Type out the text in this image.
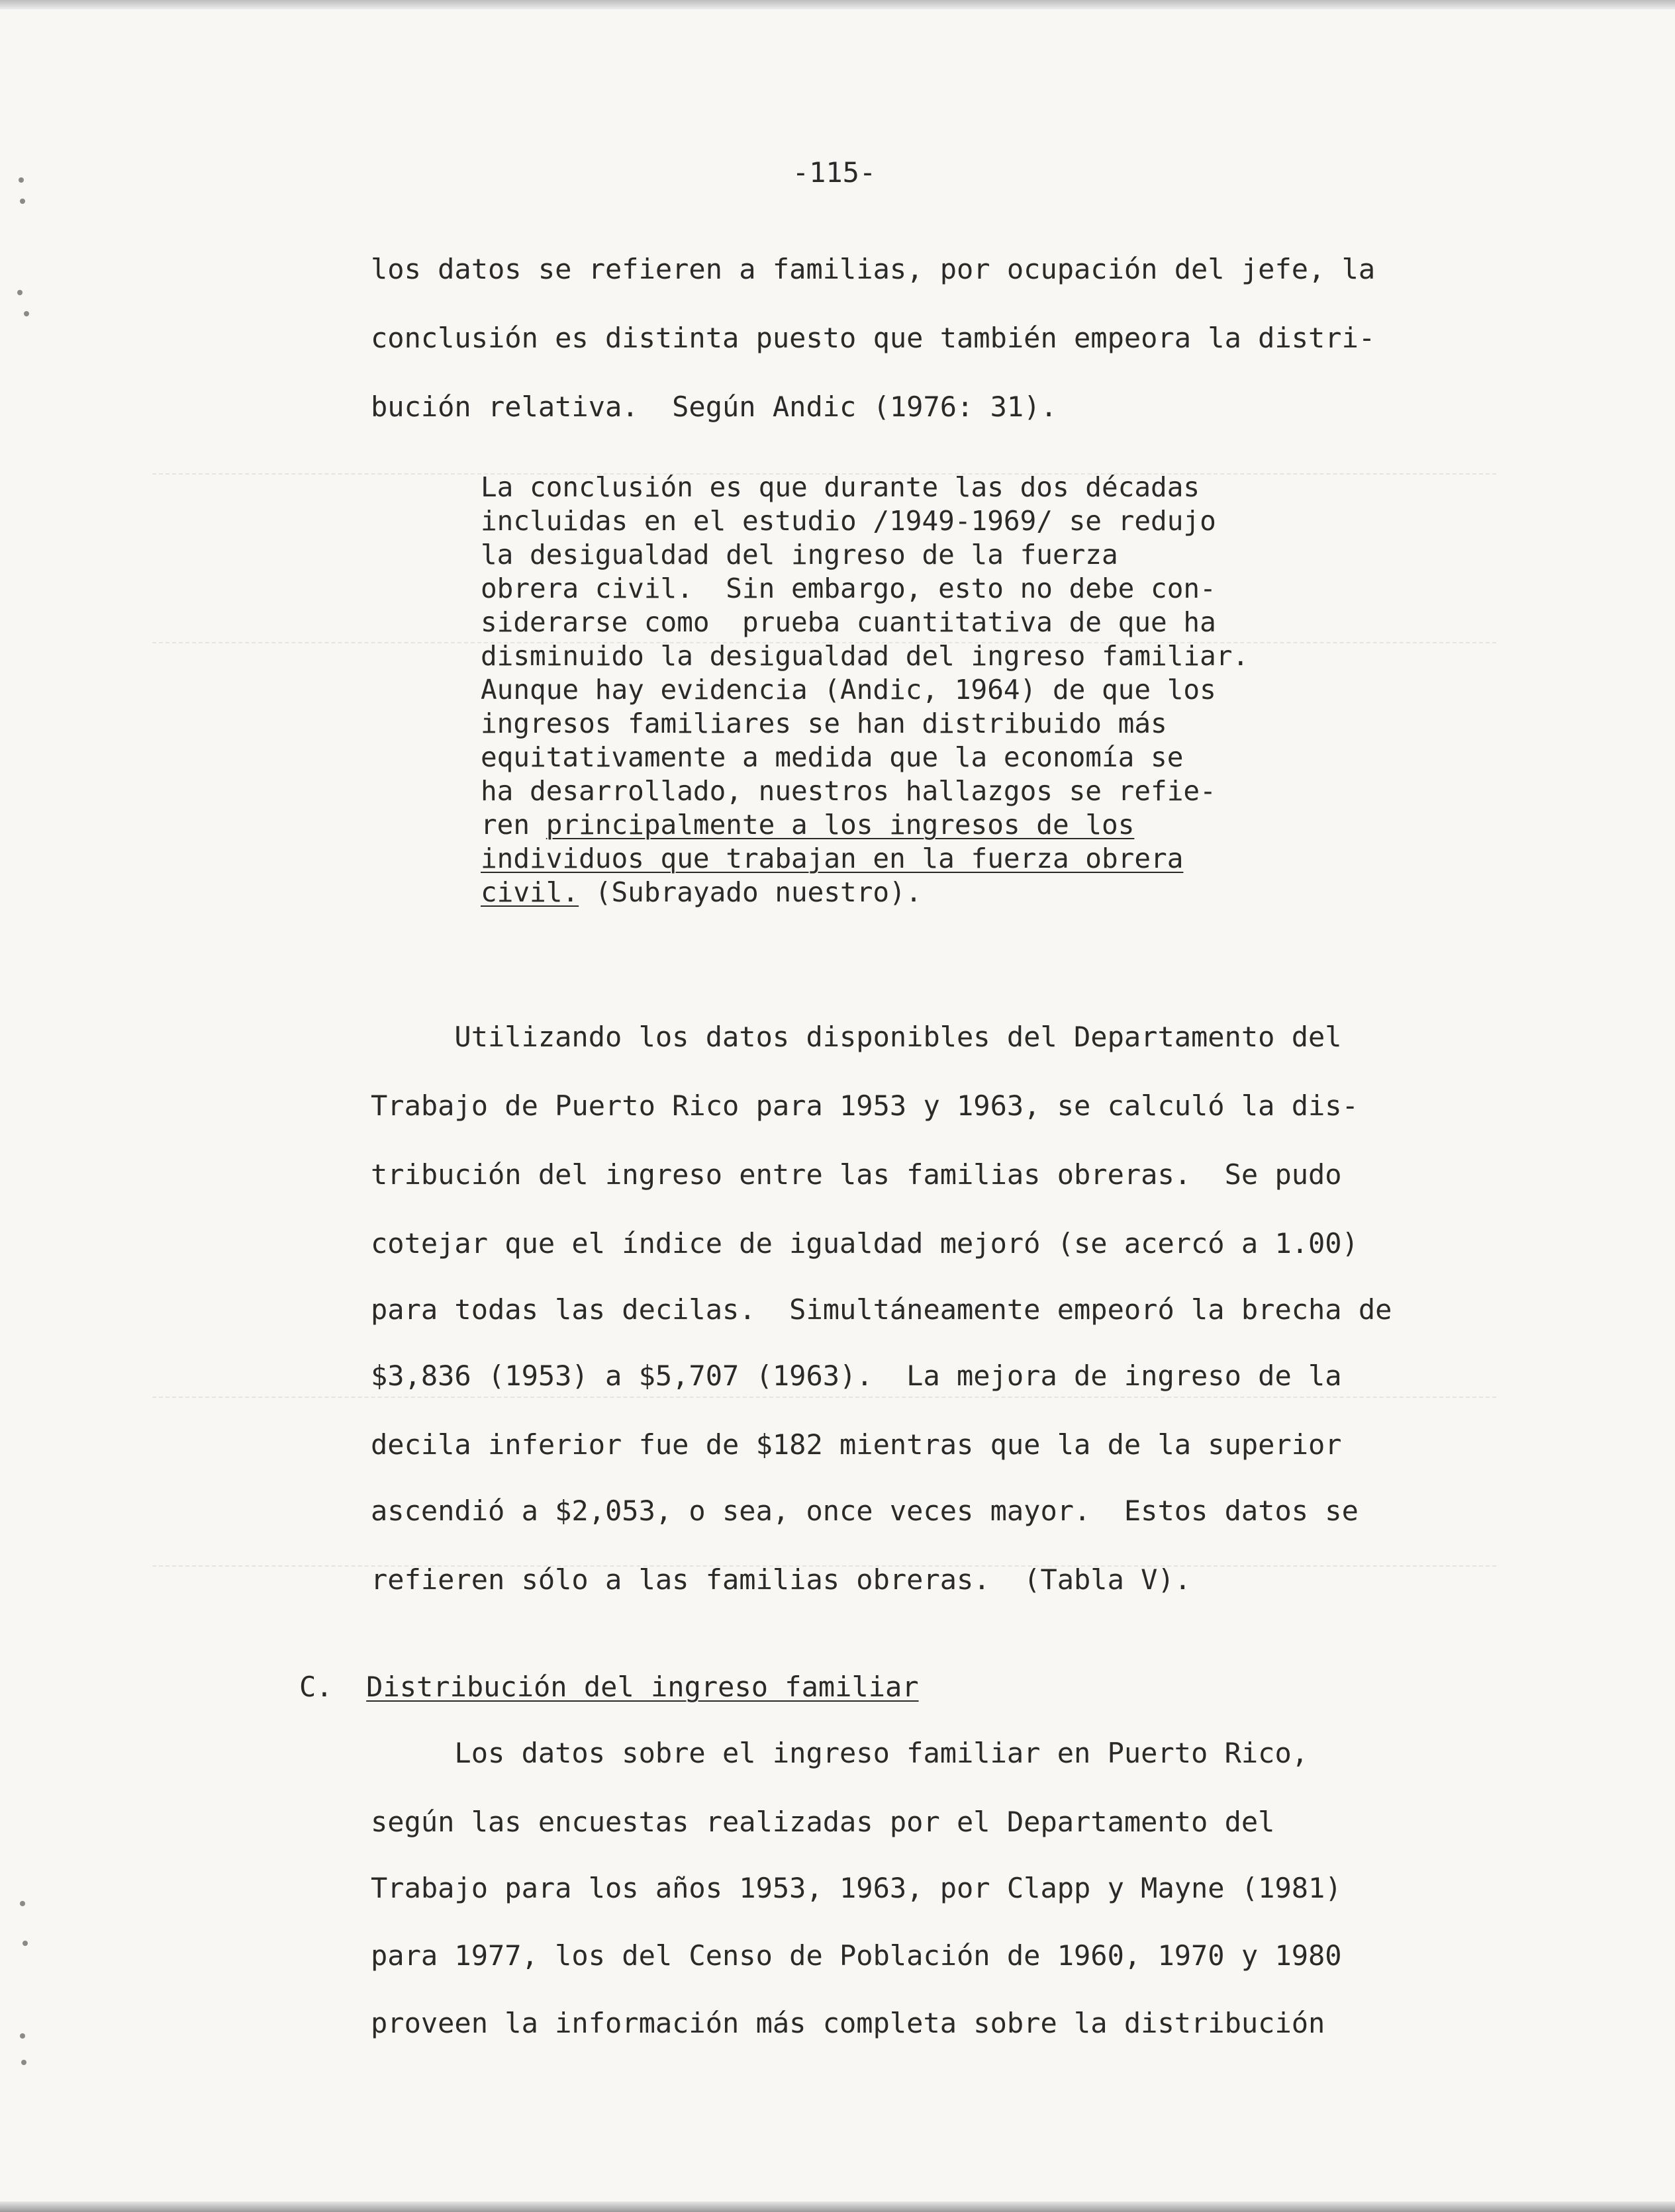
-115-
los datos se refieren a familias, por ocupación del jefe, la
conclusión es distinta puesto que también empeora la distri-
bución relativa.  Según Andic (1976: 31).
La conclusión es que durante las dos décadas
incluidas en el estudio /1949-1969/ se redujo
la desigualdad del ingreso de la fuerza
obrera civil.  Sin embargo, esto no debe con-
siderarse como  prueba cuantitativa de que ha
disminuido la desigualdad del ingreso familiar.
Aunque hay evidencia (Andic, 1964) de que los
ingresos familiares se han distribuido más
equitativamente a medida que la economía se
ha desarrollado, nuestros hallazgos se refie-
ren principalmente a los ingresos de los
individuos que trabajan en la fuerza obrera
civil. (Subrayado nuestro).
Utilizando los datos disponibles del Departamento del
Trabajo de Puerto Rico para 1953 y 1963, se calculó la dis-
tribución del ingreso entre las familias obreras.  Se pudo
cotejar que el índice de igualdad mejoró (se acercó a 1.00)
para todas las decilas.  Simultáneamente empeoró la brecha de
$3,836 (1953) a $5,707 (1963).  La mejora de ingreso de la
decila inferior fue de $182 mientras que la de la superior
ascendió a $2,053, o sea, once veces mayor.  Estos datos se
refieren sólo a las familias obreras.  (Tabla V).
C. Distribución del ingreso familiar
Los datos sobre el ingreso familiar en Puerto Rico,
según las encuestas realizadas por el Departamento del
Trabajo para los años 1953, 1963, por Clapp y Mayne (1981)
para 1977, los del Censo de Población de 1960, 1970 y 1980
proveen la información más completa sobre la distribución
